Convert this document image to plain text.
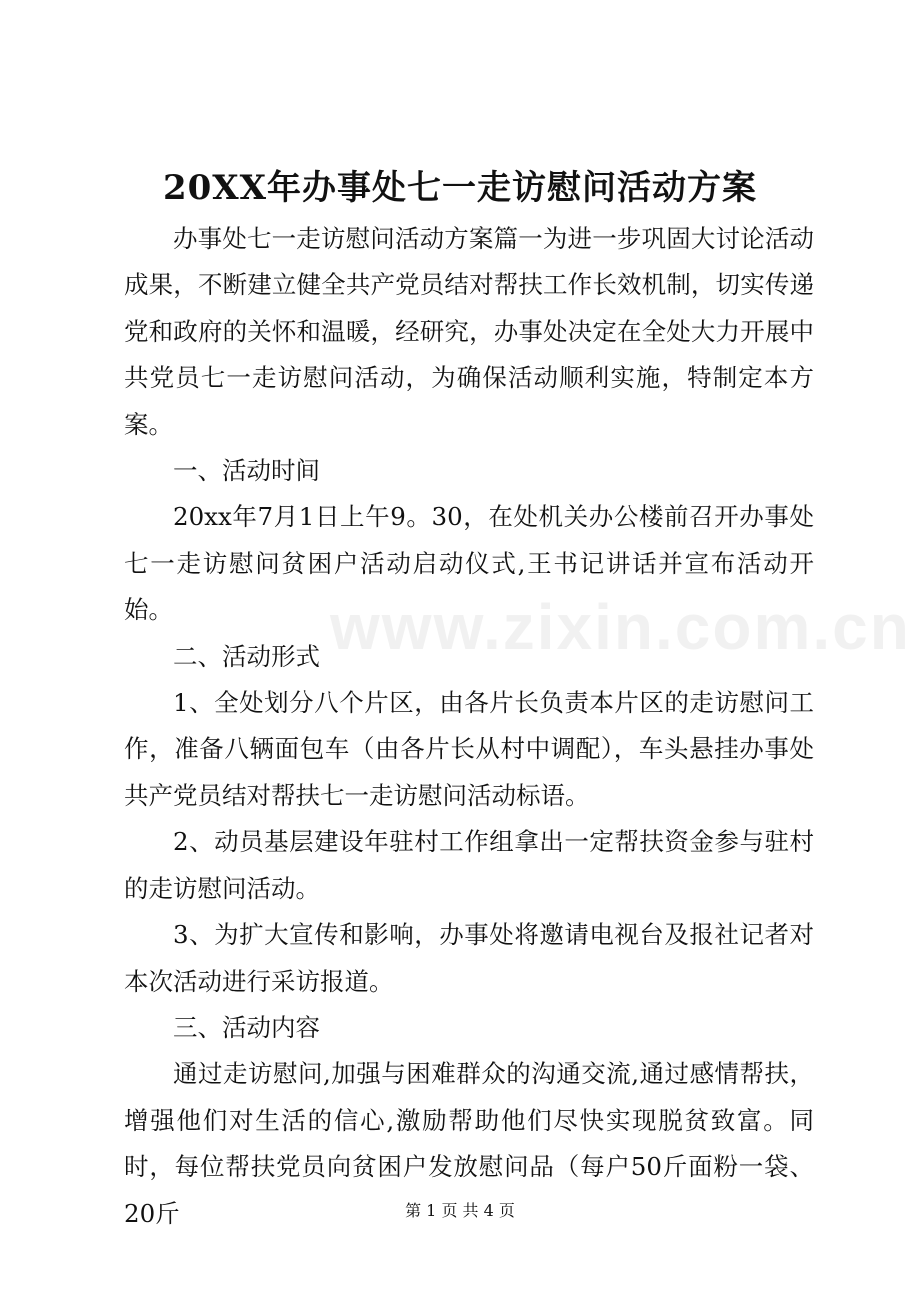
20XX年办事处七一走访慰问活动方案

办事处七一走访慰问活动方案篇一为进一步巩固大讨论活动成果，不断建立健全共产党员结对帮扶工作长效机制，切实传递党和政府的关怀和温暖，经研究，办事处决定在全处大力开展中共党员七一走访慰问活动，为确保活动顺利实施，特制定本方案。

一、活动时间

20xx年7月1日上午9。30，在处机关办公楼前召开办事处七一走访慰问贫困户活动启动仪式,王书记讲话并宣布活动开始。

二、活动形式

1、全处划分八个片区，由各片长负责本片区的走访慰问工作，准备八辆面包车（由各片长从村中调配），车头悬挂办事处共产党员结对帮扶七一走访慰问活动标语。

2、动员基层建设年驻村工作组拿出一定帮扶资金参与驻村的走访慰问活动。

3、为扩大宣传和影响，办事处将邀请电视台及报社记者对本次活动进行采访报道。

三、活动内容

通过走访慰问,加强与困难群众的沟通交流,通过感情帮扶，增强他们对生活的信心,激励帮助他们尽快实现脱贫致富。同时，每位帮扶党员向贫困户发放慰问品（每户50斤面粉一袋、20斤

www.zixin.com.cn
第 1 页 共 4 页
